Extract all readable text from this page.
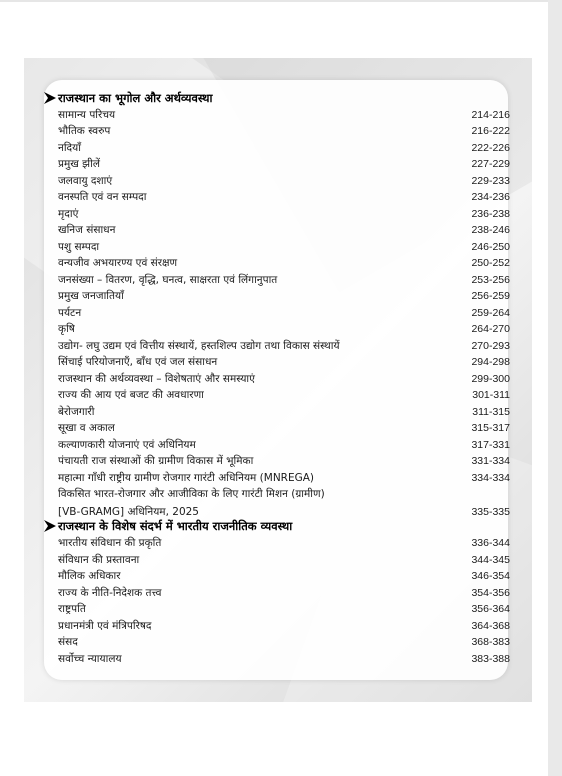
राजस्थान का भूगोल और अर्थव्यवस्था
सामान्य परिचय	214-216
भौतिक स्वरुप	216-222
नदियाँ	222-226
प्रमुख झीलें	227-229
जलवायु दशाएं	229-233
वनस्पति एवं वन सम्पदा	234-236
मृदाएं	236-238
खनिज संसाधन	238-246
पशु सम्पदा	246-250
वन्यजीव अभयारण्य एवं संरक्षण	250-252
जनसंख्या – वितरण, वृद्धि, घनत्व, साक्षरता एवं लिंगानुपात	253-256
प्रमुख जनजातियाँ	256-259
पर्यटन	259-264
कृषि	264-270
उद्योग- लघु उद्यम एवं वित्तीय संस्थायें, हस्तशिल्प उद्योग तथा विकास संस्थायें	270-293
सिंचाई परियोजनाएँ, बाँध एवं जल संसाधन	294-298
राजस्थान की अर्थव्यवस्था – विशेषताएं और समस्याएं	299-300
राज्य की आय एवं बजट की अवधारणा	301-311
बेरोजगारी	311-315
सूखा व अकाल	315-317
कल्याणकारी योजनाएं एवं अधिनियम	317-331
पंचायती राज संस्थाओं की ग्रामीण विकास में भूमिका	331-334
महात्मा गाँधी राष्ट्रीय ग्रामीण रोजगार गारंटी अधिनियम (MNREGA)	334-334
विकसित भारत-रोजगार और आजीविका के लिए गारंटी मिशन (ग्रामीण)
[VB-GRAMG] अधिनियम, 2025	335-335
राजस्थान के विशेष संदर्भ में भारतीय राजनीतिक व्यवस्था
भारतीय संविधान की प्रकृति	336-344
संविधान की प्रस्तावना	344-345
मौलिक अधिकार	346-354
राज्य के नीति-निदेशक तत्त्व	354-356
राष्ट्रपति	356-364
प्रधानमंत्री एवं मंत्रिपरिषद	364-368
संसद	368-383
सर्वोच्च न्यायालय	383-388
